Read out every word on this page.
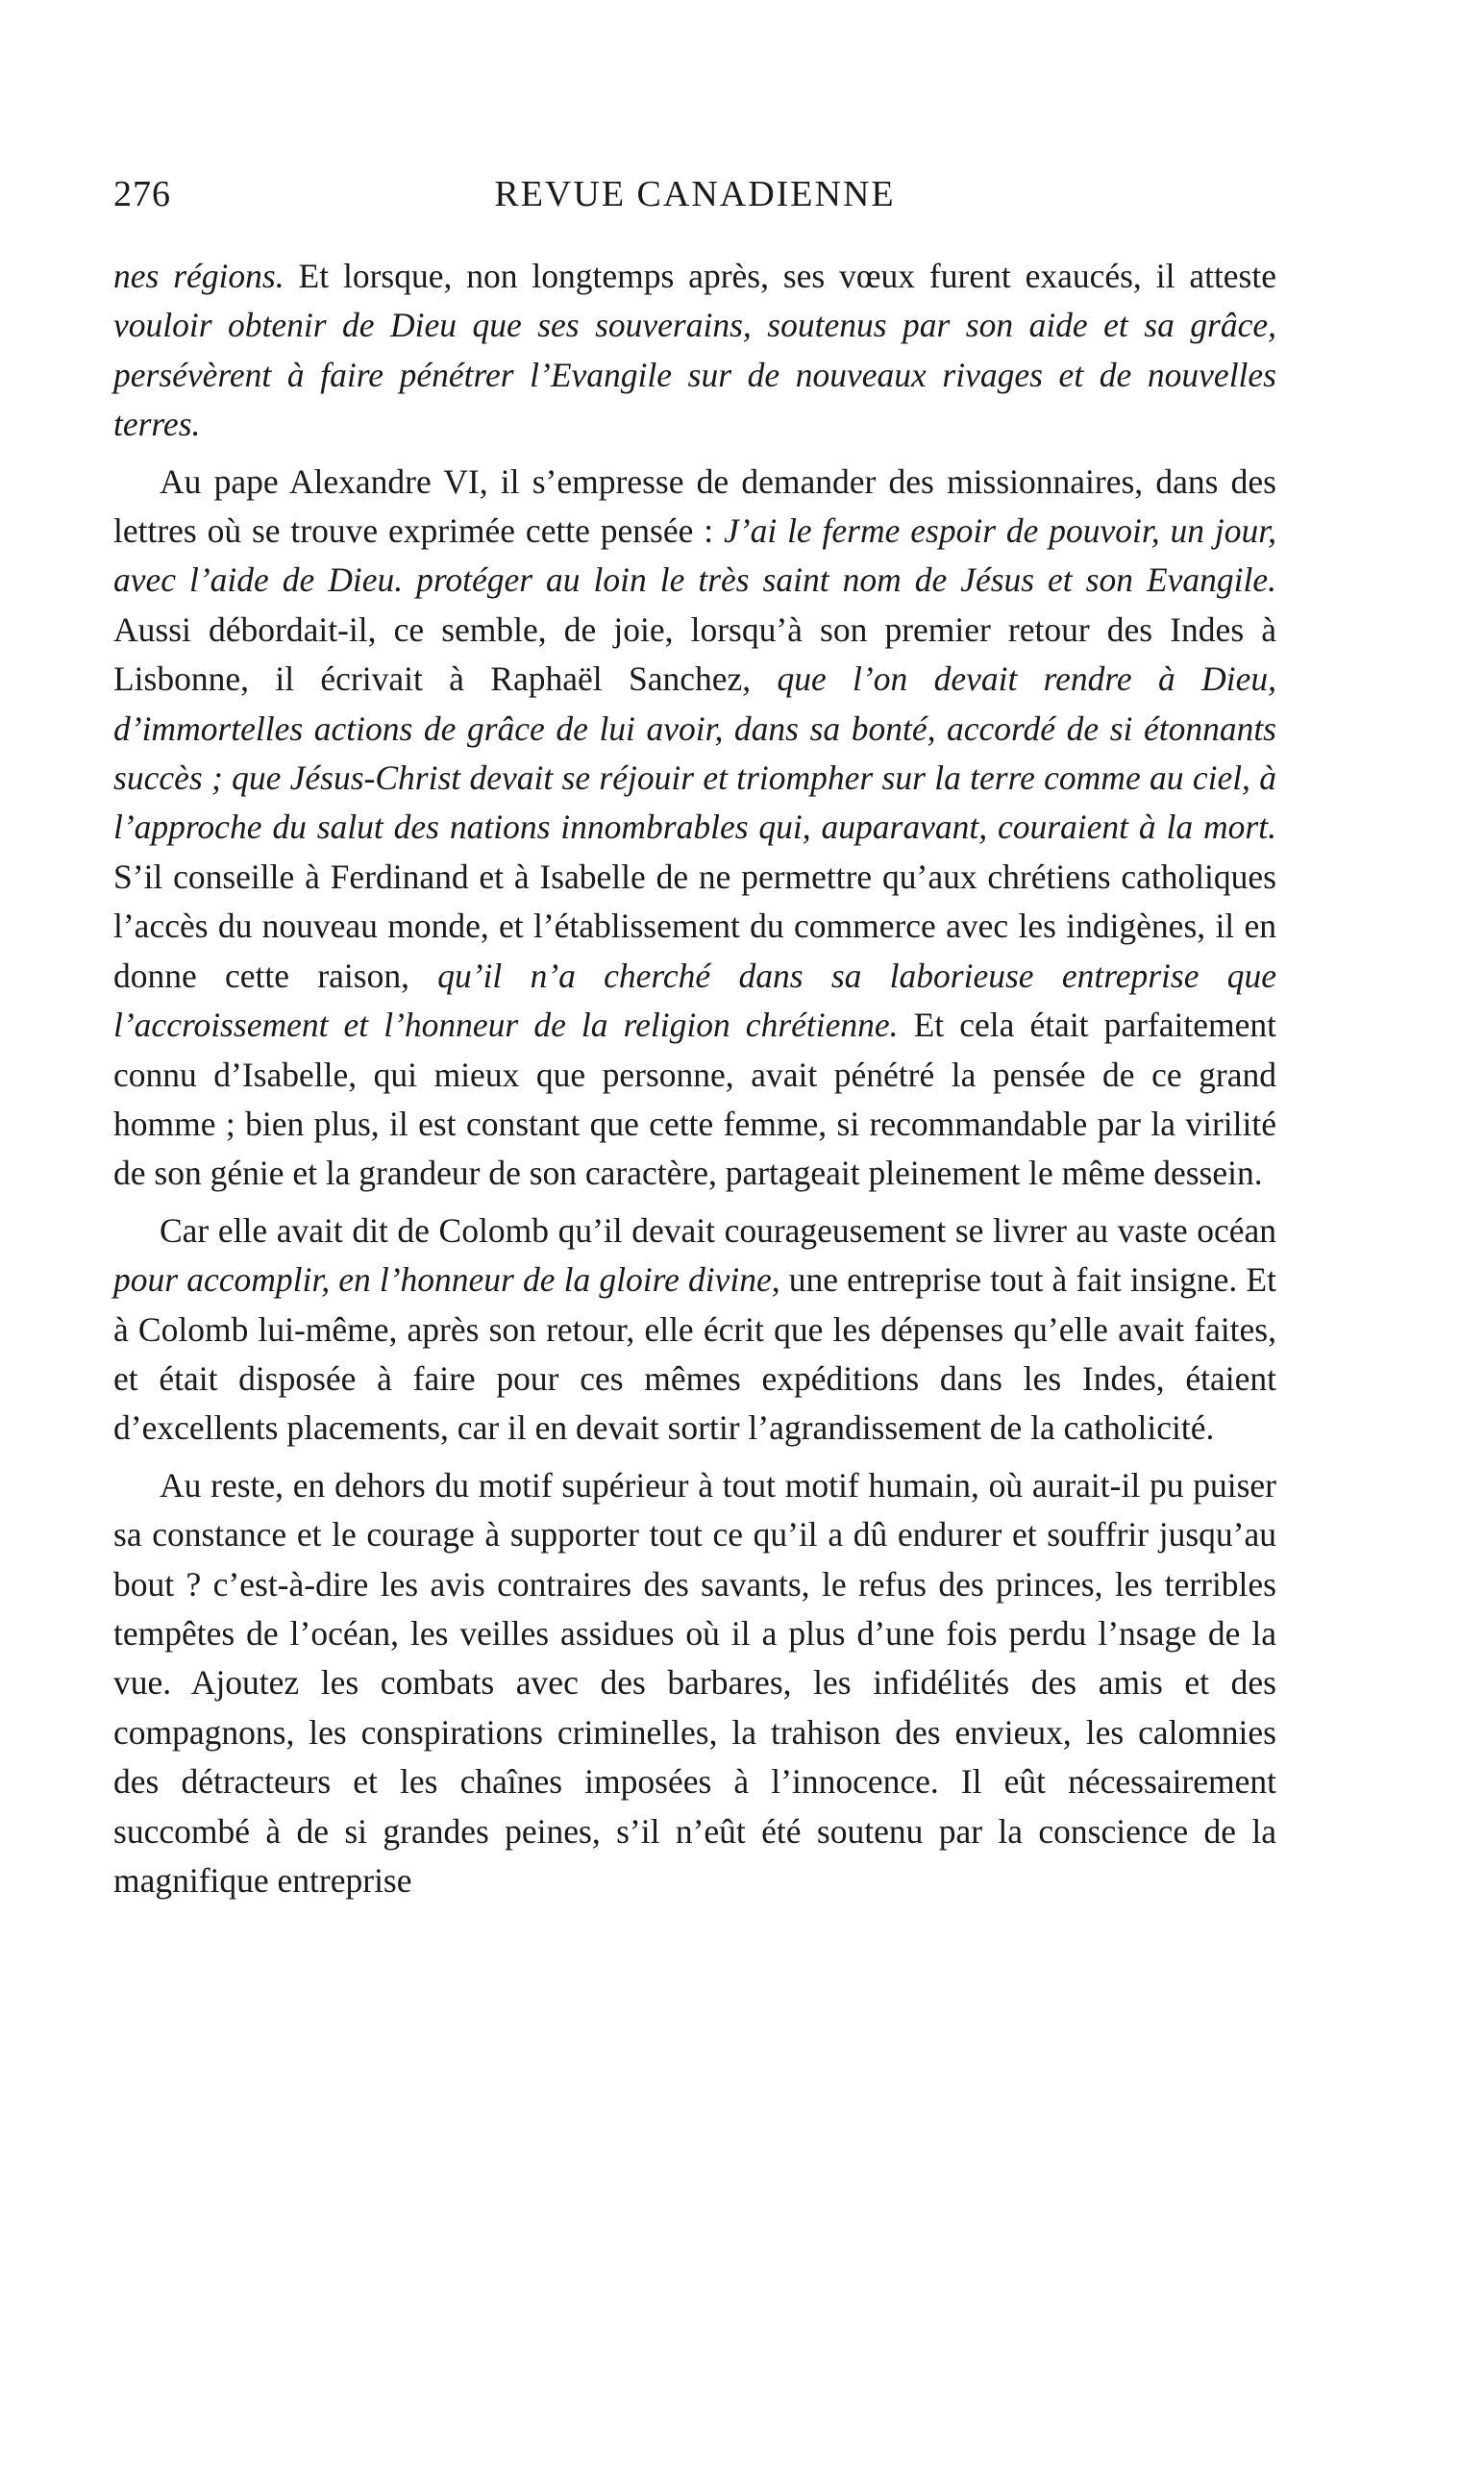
276	REVUE CANADIENNE

nes régions. Et lorsque, non longtemps après, ses vœux furent exaucés, il atteste vouloir obtenir de Dieu que ses souverains, soutenus par son aide et sa grâce, persévèrent à faire pénétrer l’Evangile sur de nouveaux rivages et de nouvelles terres.

Au pape Alexandre VI, il s’empresse de demander des missionnaires, dans des lettres où se trouve exprimée cette pensée : J’ai le ferme espoir de pouvoir, un jour, avec l’aide de Dieu. protéger au loin le très saint nom de Jésus et son Evangile. Aussi débordait-il, ce semble, de joie, lorsqu’à son premier retour des Indes à Lisbonne, il écrivait à Raphaël Sanchez, que l’on devait rendre à Dieu, d’immortelles actions de grâce de lui avoir, dans sa bonté, accordé de si étonnants succès ; que Jésus-Christ devait se réjouir et triompher sur la terre comme au ciel, à l’approche du salut des nations innombrables qui, auparavant, couraient à la mort. S’il conseille à Ferdinand et à Isabelle de ne permettre qu’aux chrétiens catholiques l’accès du nouveau monde, et l’établissement du commerce avec les indigènes, il en donne cette raison, qu’il n’a cherché dans sa laborieuse entreprise que l’accroissement et l’honneur de la religion chrétienne. Et cela était parfaitement connu d’Isabelle, qui mieux que personne, avait pénétré la pensée de ce grand homme ; bien plus, il est constant que cette femme, si recommandable par la virilité de son génie et la grandeur de son caractère, partageait pleinement le même dessein.

Car elle avait dit de Colomb qu’il devait courageusement se livrer au vaste océan pour accomplir, en l’honneur de la gloire divine, une entreprise tout à fait insigne. Et à Colomb lui-même, après son retour, elle écrit que les dépenses qu’elle avait faites, et était disposée à faire pour ces mêmes expéditions dans les Indes, étaient d’excellents placements, car il en devait sortir l’agrandissement de la catholicité.

Au reste, en dehors du motif supérieur à tout motif humain, où aurait-il pu puiser sa constance et le courage à supporter tout ce qu’il a dû endurer et souffrir jusqu’au bout ? c’est-à-dire les avis contraires des savants, le refus des princes, les terribles tempêtes de l’océan, les veilles assidues où il a plus d’une fois perdu l’nsage de la vue. Ajoutez les combats avec des barbares, les infidélités des amis et des compagnons, les conspirations criminelles, la trahison des envieux, les calomnies des détracteurs et les chaînes imposées à l’innocence. Il eût nécessairement succombé à de si grandes peines, s’il n’eût été soutenu par la conscience de la magnifique entreprise
